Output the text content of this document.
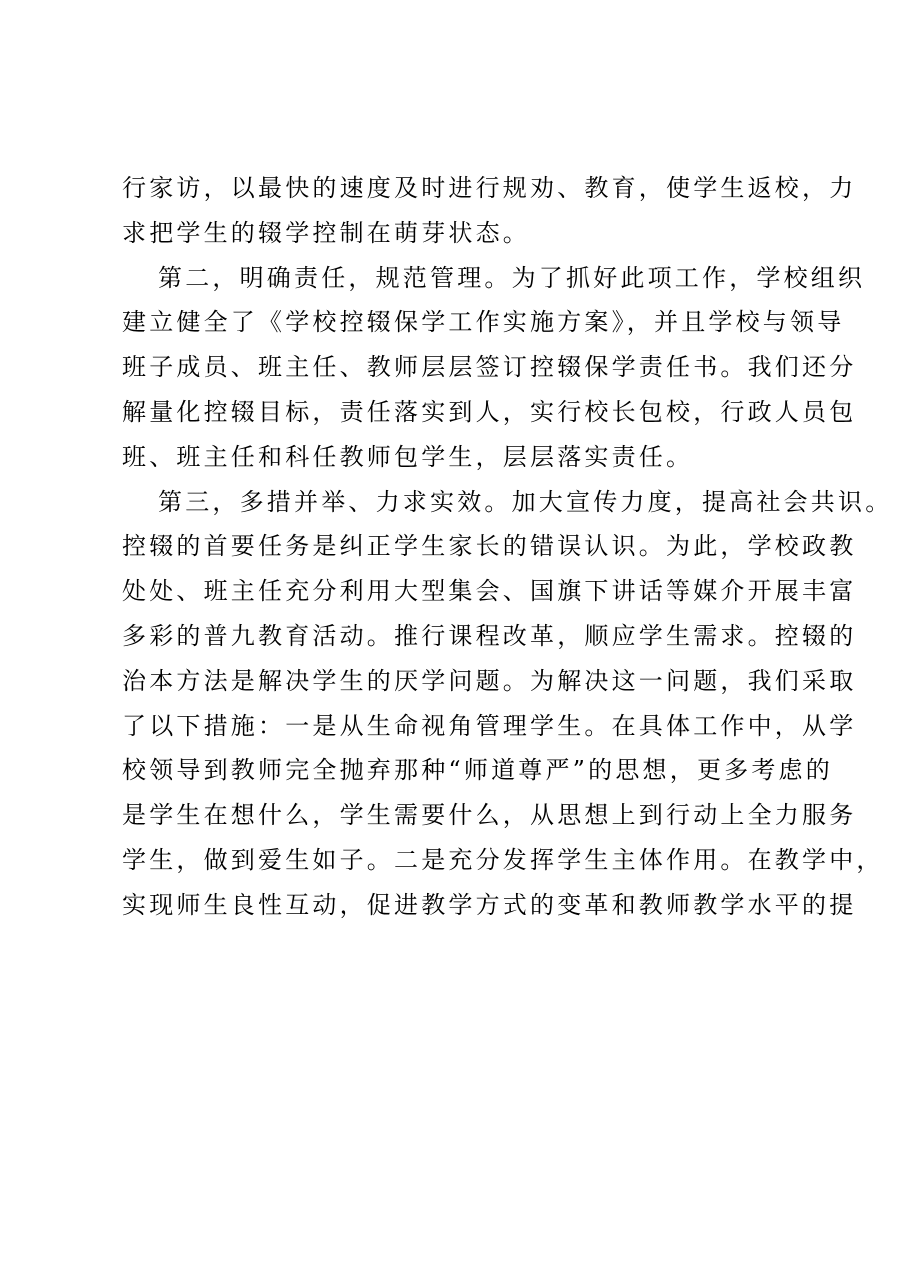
行家访，以最快的速度及时进行规劝、教育，使学生返校，力
求把学生的辍学控制在萌芽状态。
第二，明确责任，规范管理。为了抓好此项工作，学校组织
建立健全了《学校控辍保学工作实施方案》，并且学校与领导
班子成员、班主任、教师层层签订控辍保学责任书。我们还分
解量化控辍目标，责任落实到人，实行校长包校，行政人员包
班、班主任和科任教师包学生，层层落实责任。
第三，多措并举、力求实效。加大宣传力度，提高社会共识。
控辍的首要任务是纠正学生家长的错误认识。为此，学校政教
处处、班主任充分利用大型集会、国旗下讲话等媒介开展丰富
多彩的普九教育活动。推行课程改革，顺应学生需求。控辍的
治本方法是解决学生的厌学问题。为解决这一问题，我们采取
了以下措施：一是从生命视角管理学生。在具体工作中，从学
校领导到教师完全抛弃那种“师道尊严”的思想，更多考虑的
是学生在想什么，学生需要什么，从思想上到行动上全力服务
学生，做到爱生如子。二是充分发挥学生主体作用。在教学中，
实现师生良性互动，促进教学方式的变革和教师教学水平的提
